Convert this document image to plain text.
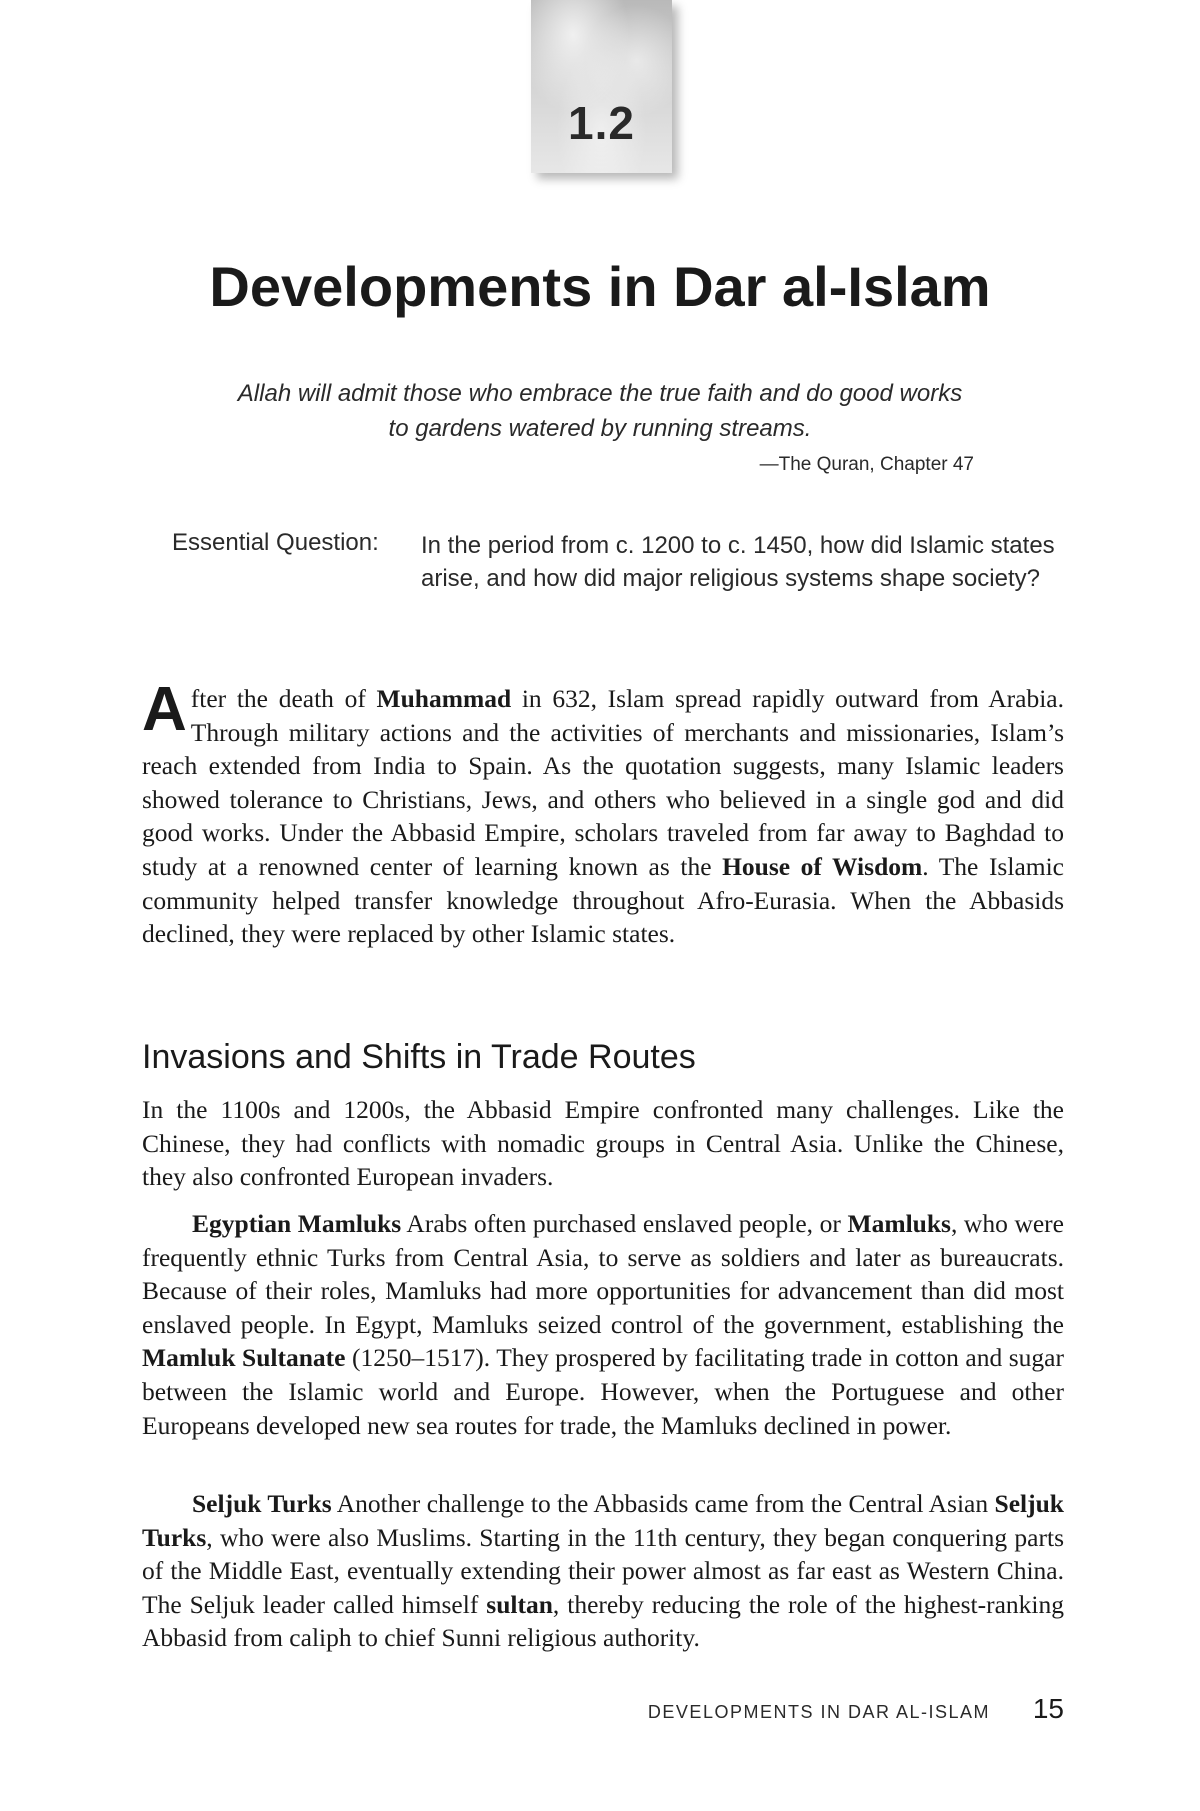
1.2
Developments in Dar al-Islam
Allah will admit those who embrace the true faith and do good works
to gardens watered by running streams.
—The Quran, Chapter 47
Essential Question: In the period from c. 1200 to c. 1450, how did Islamic states arise, and how did major religious systems shape society?

After the death of Muhammad in 632, Islam spread rapidly outward from Arabia. Through military actions and the activities of merchants and missionaries, Islam’s reach extended from India to Spain. As the quotation suggests, many Islamic leaders showed tolerance to Christians, Jews, and others who believed in a single god and did good works. Under the Abbasid Empire, scholars traveled from far away to Baghdad to study at a renowned center of learning known as the House of Wisdom. The Islamic community helped transfer knowledge throughout Afro-Eurasia. When the Abbasids declined, they were replaced by other Islamic states.

Invasions and Shifts in Trade Routes

In the 1100s and 1200s, the Abbasid Empire confronted many challenges. Like the Chinese, they had conflicts with nomadic groups in Central Asia. Unlike the Chinese, they also confronted European invaders.

Egyptian Mamluks Arabs often purchased enslaved people, or Mamluks, who were frequently ethnic Turks from Central Asia, to serve as soldiers and later as bureaucrats. Because of their roles, Mamluks had more opportunities for advancement than did most enslaved people. In Egypt, Mamluks seized control of the government, establishing the Mamluk Sultanate (1250–1517). They prospered by facilitating trade in cotton and sugar between the Islamic world and Europe. However, when the Portuguese and other Europeans developed new sea routes for trade, the Mamluks declined in power.

Seljuk Turks Another challenge to the Abbasids came from the Central Asian Seljuk Turks, who were also Muslims. Starting in the 11th century, they began conquering parts of the Middle East, eventually extending their power almost as far east as Western China. The Seljuk leader called himself sultan, thereby reducing the role of the highest-ranking Abbasid from caliph to chief Sunni religious authority.

DEVELOPMENTS IN DAR AL-ISLAM 15
